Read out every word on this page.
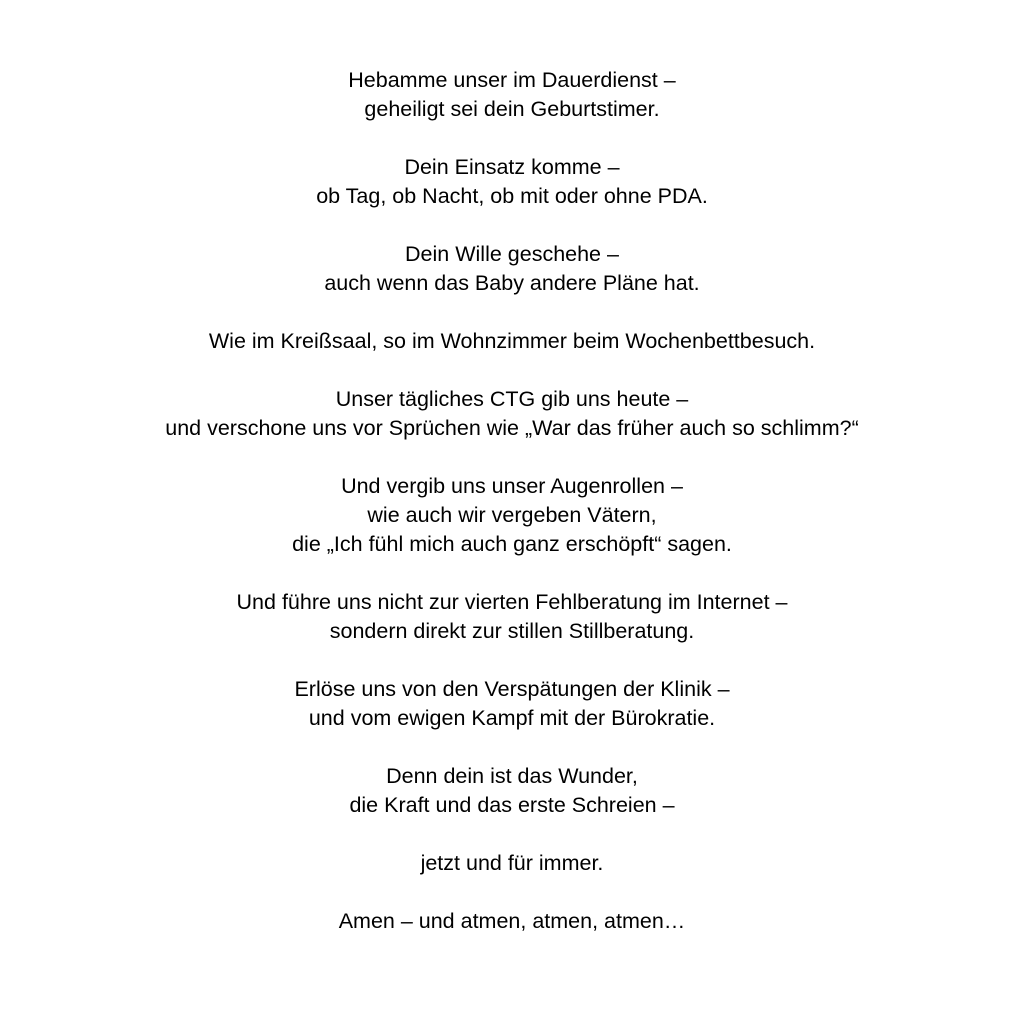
Hebamme unser im Dauerdienst –
geheiligt sei dein Geburtstimer.
Dein Einsatz komme –
ob Tag, ob Nacht, ob mit oder ohne PDA.
Dein Wille geschehe –
auch wenn das Baby andere Pläne hat.
Wie im Kreißsaal, so im Wohnzimmer beim Wochenbettbesuch.
Unser tägliches CTG gib uns heute –
und verschone uns vor Sprüchen wie „War das früher auch so schlimm?“
Und vergib uns unser Augenrollen –
wie auch wir vergeben Vätern,
die „Ich fühl mich auch ganz erschöpft“ sagen.
Und führe uns nicht zur vierten Fehlberatung im Internet –
sondern direkt zur stillen Stillberatung.
Erlöse uns von den Verspätungen der Klinik –
und vom ewigen Kampf mit der Bürokratie.
Denn dein ist das Wunder,
die Kraft und das erste Schreien –
jetzt und für immer.
Amen – und atmen, atmen, atmen…
